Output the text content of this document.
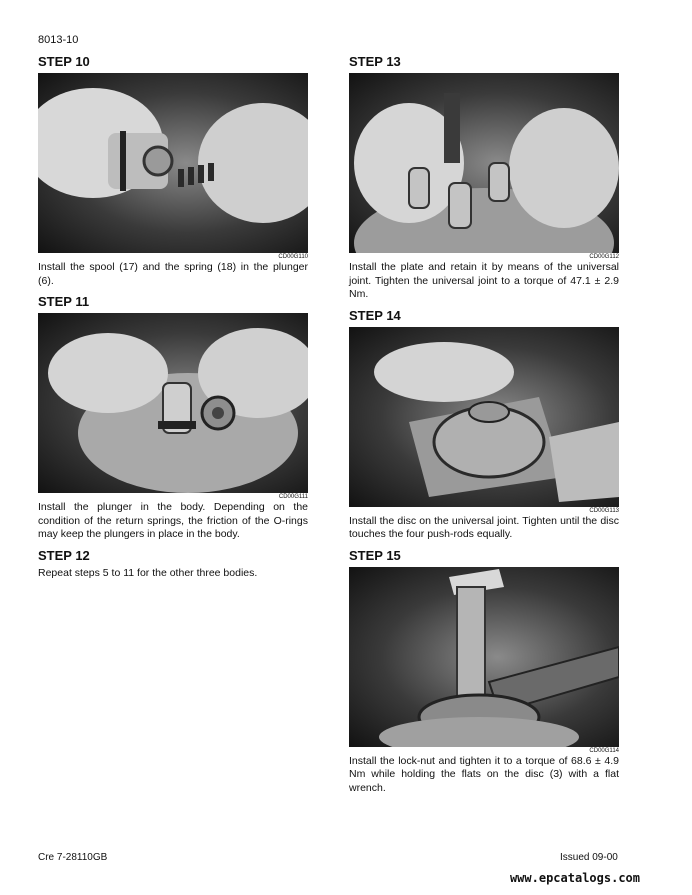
8013-10
STEP 10
CD00G110

Install the spool (17) and the spring (18) in the plunger (6).

STEP 11
CD00G111

Install the plunger in the body. Depending on the condition of the return springs, the friction of the O-rings may keep the plungers in place in the body.

STEP 12

Repeat steps 5 to 11 for the other three bodies.

STEP 13
CD00G112

Install the plate and retain it by means of the universal joint. Tighten the universal joint to a torque of 47.1 ± 2.9 Nm.

STEP 14
CD00G113

Install the disc on the universal joint. Tighten until the disc touches the four push-rods equally.

STEP 15
CD00G114

Install the lock-nut and tighten it to a torque of 68.6 ± 4.9 Nm while holding the flats on the disc (3) with a flat wrench.

Cre 7-28110GB	Issued 09-00
www.epcatalogs.com
